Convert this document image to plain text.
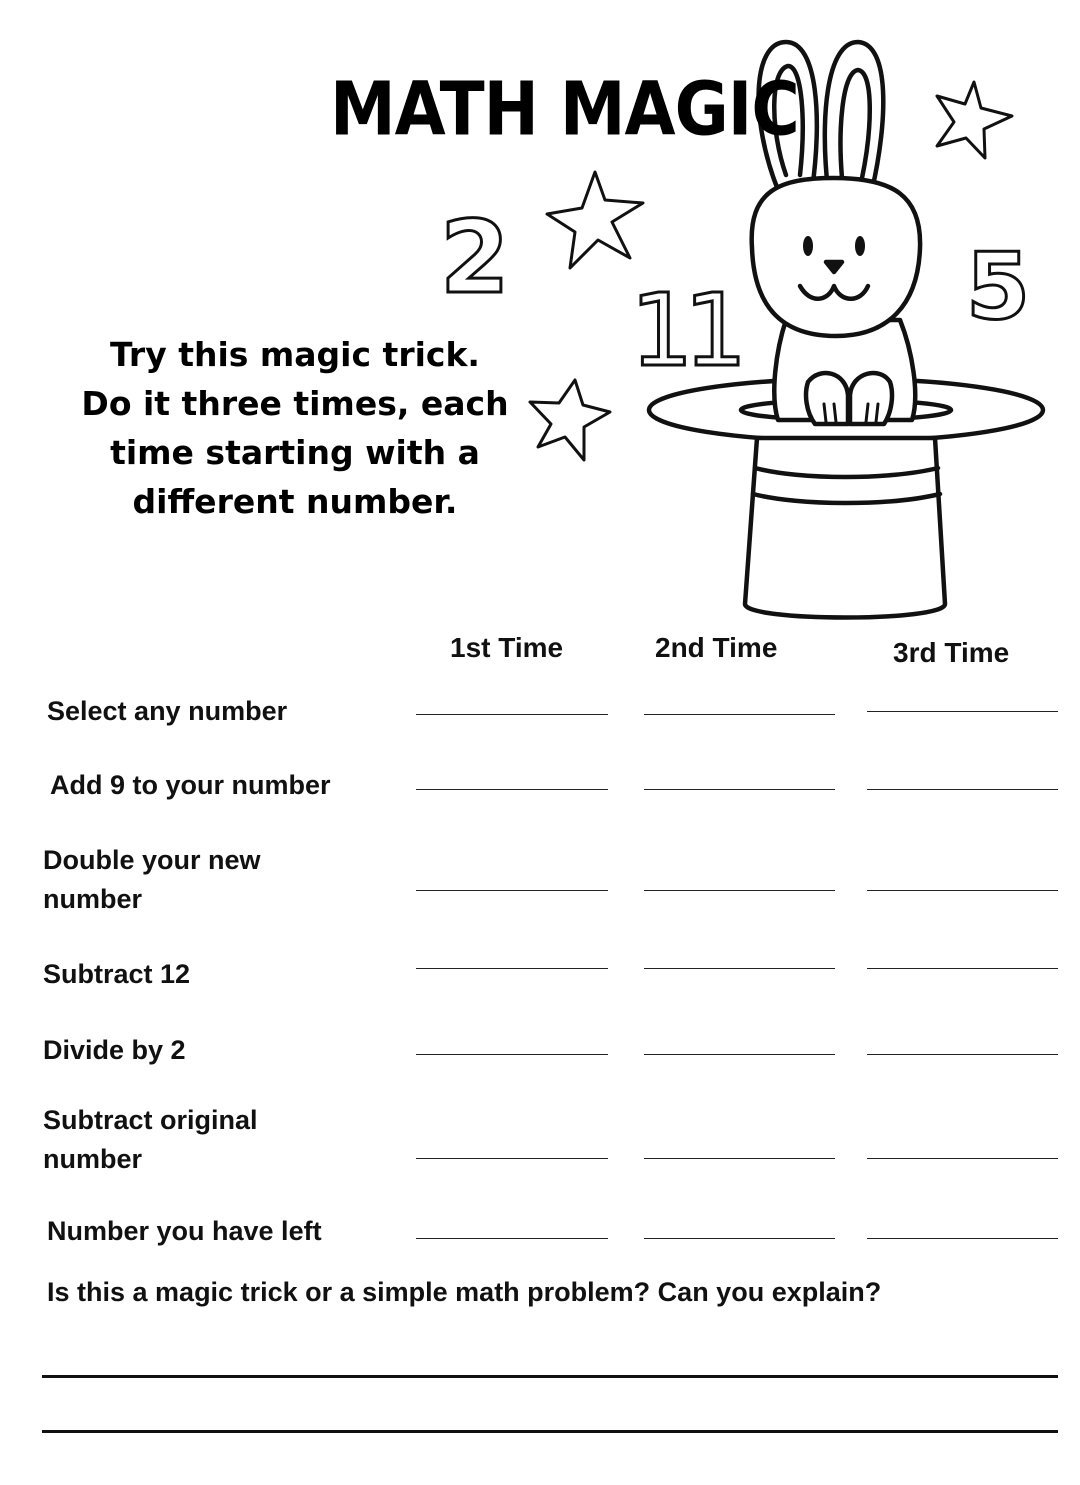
2
11 5
MATH MAGIC
Try this magic trick.
Do it three times, each
time starting with a
different number.
1st Time	2nd Time	3rd Time
Select any number
Add 9 to your number
Double your new number
Subtract 12
Divide by 2
Subtract original number
Number you have left
Is this a magic trick or a simple math problem? Can you explain?
